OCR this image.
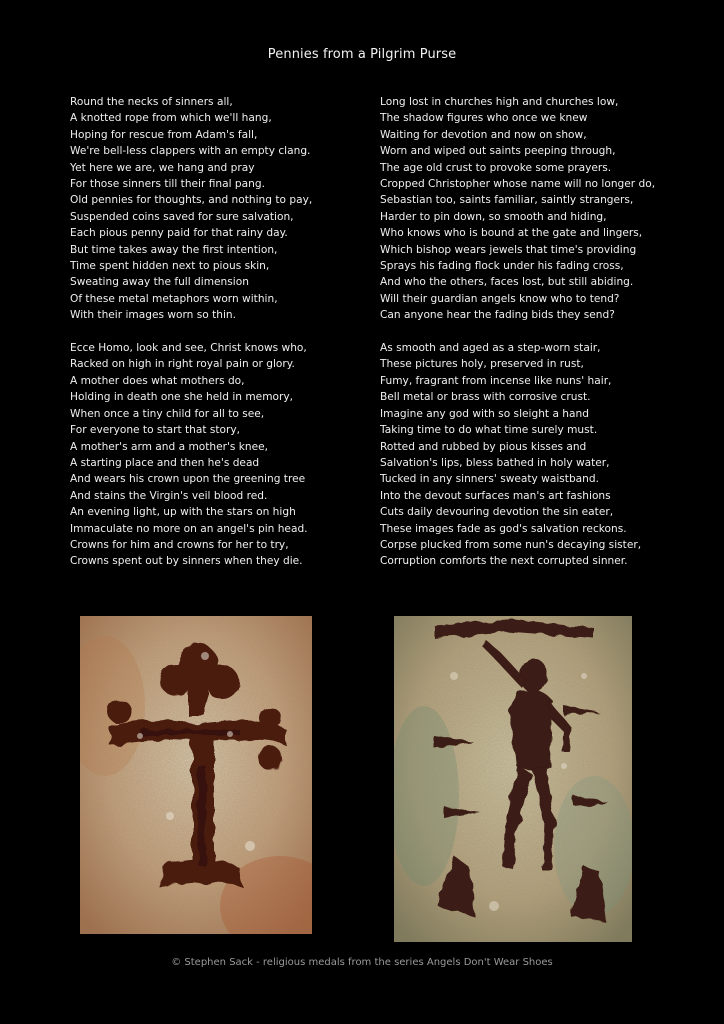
Pennies from a Pilgrim Purse
Round the necks of sinners all,
A knotted rope from which we'll hang,
Hoping for rescue from Adam's fall,
We're bell-less clappers with an empty clang.
Yet here we are, we hang and pray
For those sinners till their final pang.
Old pennies for thoughts, and nothing to pay,
Suspended coins saved for sure salvation,
Each pious penny paid for that rainy day.
But time takes away the first intention,
Time spent hidden next to pious skin,
Sweating away the full dimension
Of these metal metaphors worn within,
With their images worn so thin.
Ecce Homo, look and see, Christ knows who,
Racked on high in right royal pain or glory.
A mother does what mothers do,
Holding in death one she held in memory,
When once a tiny child for all to see,
For everyone to start that story,
A mother's arm and a mother's knee,
A starting place and then he's dead
And wears his crown upon the greening tree
And stains the Virgin's veil blood red.
An evening light, up with the stars on high
Immaculate no more on an angel's pin head.
Crowns for him and crowns for her to try,
Crowns spent out by sinners when they die.
Long lost in churches high and churches low,
The shadow figures who once we knew
Waiting for devotion and now on show,
Worn and wiped out saints peeping through,
The age old crust to provoke some prayers.
Cropped Christopher whose name will no longer do,
Sebastian too, saints familiar, saintly strangers,
Harder to pin down, so smooth and hiding,
Who knows who is bound at the gate and lingers,
Which bishop wears jewels that time's providing
Sprays his fading flock under his fading cross,
And who the others, faces lost, but still abiding.
Will their guardian angels know who to tend?
Can anyone hear the fading bids they send?
As smooth and aged as a step-worn stair,
These pictures holy, preserved in rust,
Fumy, fragrant from incense like nuns' hair,
Bell metal or brass with corrosive crust.
Imagine any god with so sleight a hand
Taking time to do what time surely must.
Rotted and rubbed by pious kisses and
Salvation's lips, bless bathed in holy water,
Tucked in any sinners' sweaty waistband.
Into the devout surfaces man's art fashions
Cuts daily devouring devotion the sin eater,
These images fade as god's salvation reckons.
Corpse plucked from some nun's decaying sister,
Corruption comforts the next corrupted sinner.
© Stephen Sack - religious medals from the series Angels Don't Wear Shoes
